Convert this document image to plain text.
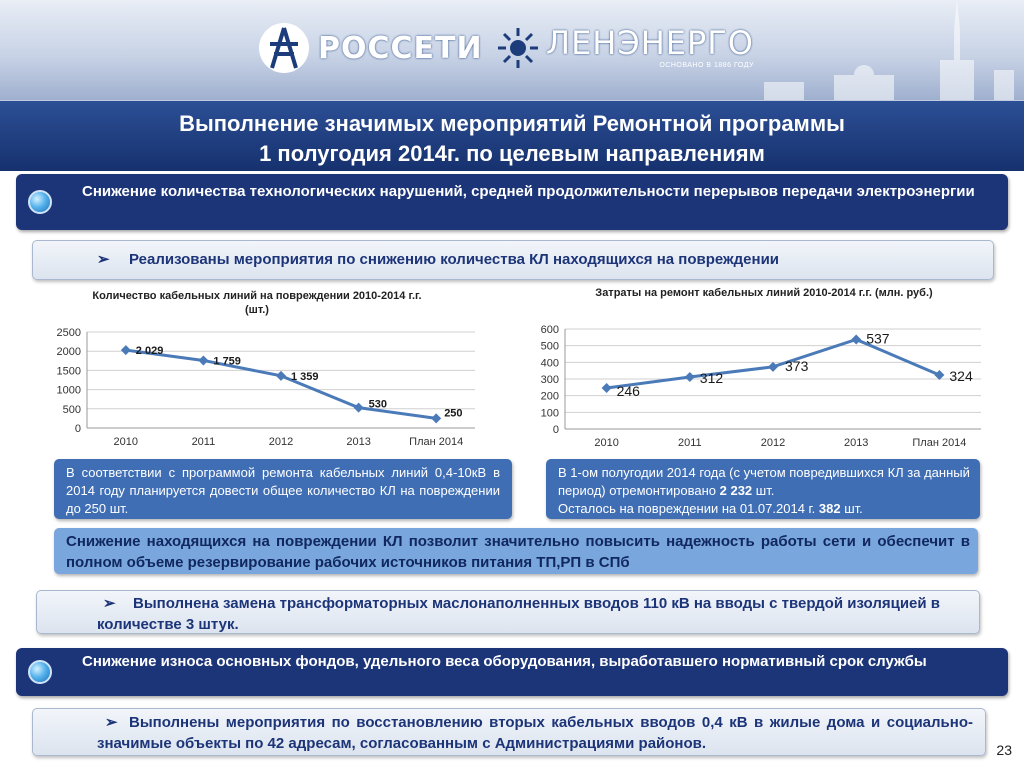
РОССЕТИ ЛЕНЭНЕРГО
ОСНОВАНО В 1886 ГОДУ
Выполнение значимых мероприятий Ремонтной программы
1 полугодия 2014г. по целевым направлениям
Снижение количества технологических нарушений, средней продолжительности перерывов передачи электроэнергии
➢ Реализованы мероприятия по снижению количества КЛ находящихся на повреждении
Количество кабельных линий на повреждении 2010-2014 г.г. (шт.)
0
500
1000
1500
2000
2500
2010	2011	2012	2013	План 2014
2 029
1 759
1 359
530
250
Затраты на ремонт кабельных линий 2010-2014 г.г. (млн. руб.)
0
100
200
300
400
500
600
2010	2011	2012	2013	План 2014
246
312
373
537
324
В соответствии с программой ремонта кабельных линий 0,4-10кВ в 2014 году планируется довести общее количество КЛ на повреждении до 250 шт.
В 1-ом полугодии 2014 года (с учетом повредившихся КЛ за данный период) отремонтировано 2 232 шт.
Осталось на повреждении на 01.07.2014 г. 382 шт.
Снижение находящихся на повреждении КЛ позволит значительно повысить надежность работы сети и обеспечит в полном объеме резервирование рабочих источников питания ТП,РП в СПб
➢	Выполнена замена трансформаторных маслонаполненных вводов 110 кВ на вводы с твердой изоляцией в количестве 3 штук.
Снижение износа основных фондов, удельного веса оборудования, выработавшего нормативный срок службы
➢ Выполнены мероприятия по восстановлению вторых кабельных вводов 0,4 кВ в жилые дома и социально-значимые объекты по 42 адресам, согласованным с Администрациями районов.	23
